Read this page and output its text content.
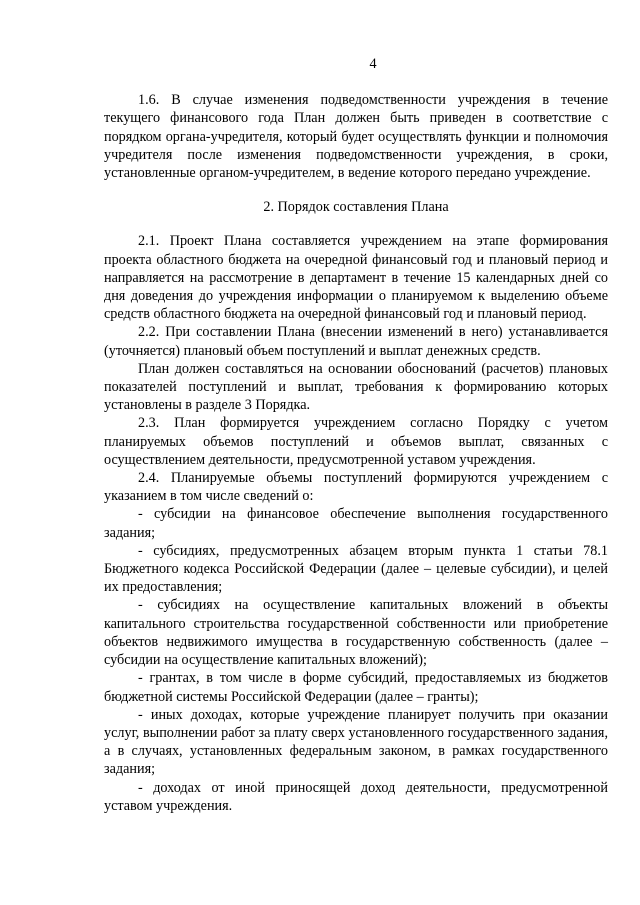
4

1.6. В случае изменения подведомственности учреждения в течение текущего финансового года План должен быть приведен в соответствие с порядком органа-учредителя, который будет осуществлять функции и полномочия учредителя после изменения подведомственности учреждения, в сроки, установленные органом-учредителем, в ведение которого передано учреждение.

2. Порядок составления Плана

2.1. Проект Плана составляется учреждением на этапе формирования проекта областного бюджета на очередной финансовый год и плановый период и направляется на рассмотрение в департамент в течение 15 календарных дней со дня доведения до учреждения информации о планируемом к выделению объеме средств областного бюджета на очередной финансовый год и плановый период.

2.2. При составлении Плана (внесении изменений в него) устанавливается (уточняется) плановый объем поступлений и выплат денежных средств.

План должен составляться на основании обоснований (расчетов) плановых показателей поступлений и выплат, требования к формированию которых установлены в разделе 3 Порядка.

2.3. План формируется учреждением согласно Порядку с учетом планируемых объемов поступлений и объемов выплат, связанных с осуществлением деятельности, предусмотренной уставом учреждения.

2.4. Планируемые объемы поступлений формируются учреждением с указанием в том числе сведений о:

- субсидии на финансовое обеспечение выполнения государственного задания;

- субсидиях, предусмотренных абзацем вторым пункта 1 статьи 78.1 Бюджетного кодекса Российской Федерации (далее – целевые субсидии), и целей их предоставления;

- субсидиях на осуществление капитальных вложений в объекты капитального строительства государственной собственности или приобретение объектов недвижимого имущества в государственную собственность (далее – субсидии на осуществление капитальных вложений);

- грантах, в том числе в форме субсидий, предоставляемых из бюджетов бюджетной системы Российской Федерации (далее – гранты);

- иных доходах, которые учреждение планирует получить при оказании услуг, выполнении работ за плату сверх установленного государственного задания, а в случаях, установленных федеральным законом, в рамках государственного задания;

- доходах от иной приносящей доход деятельности, предусмотренной уставом учреждения.
